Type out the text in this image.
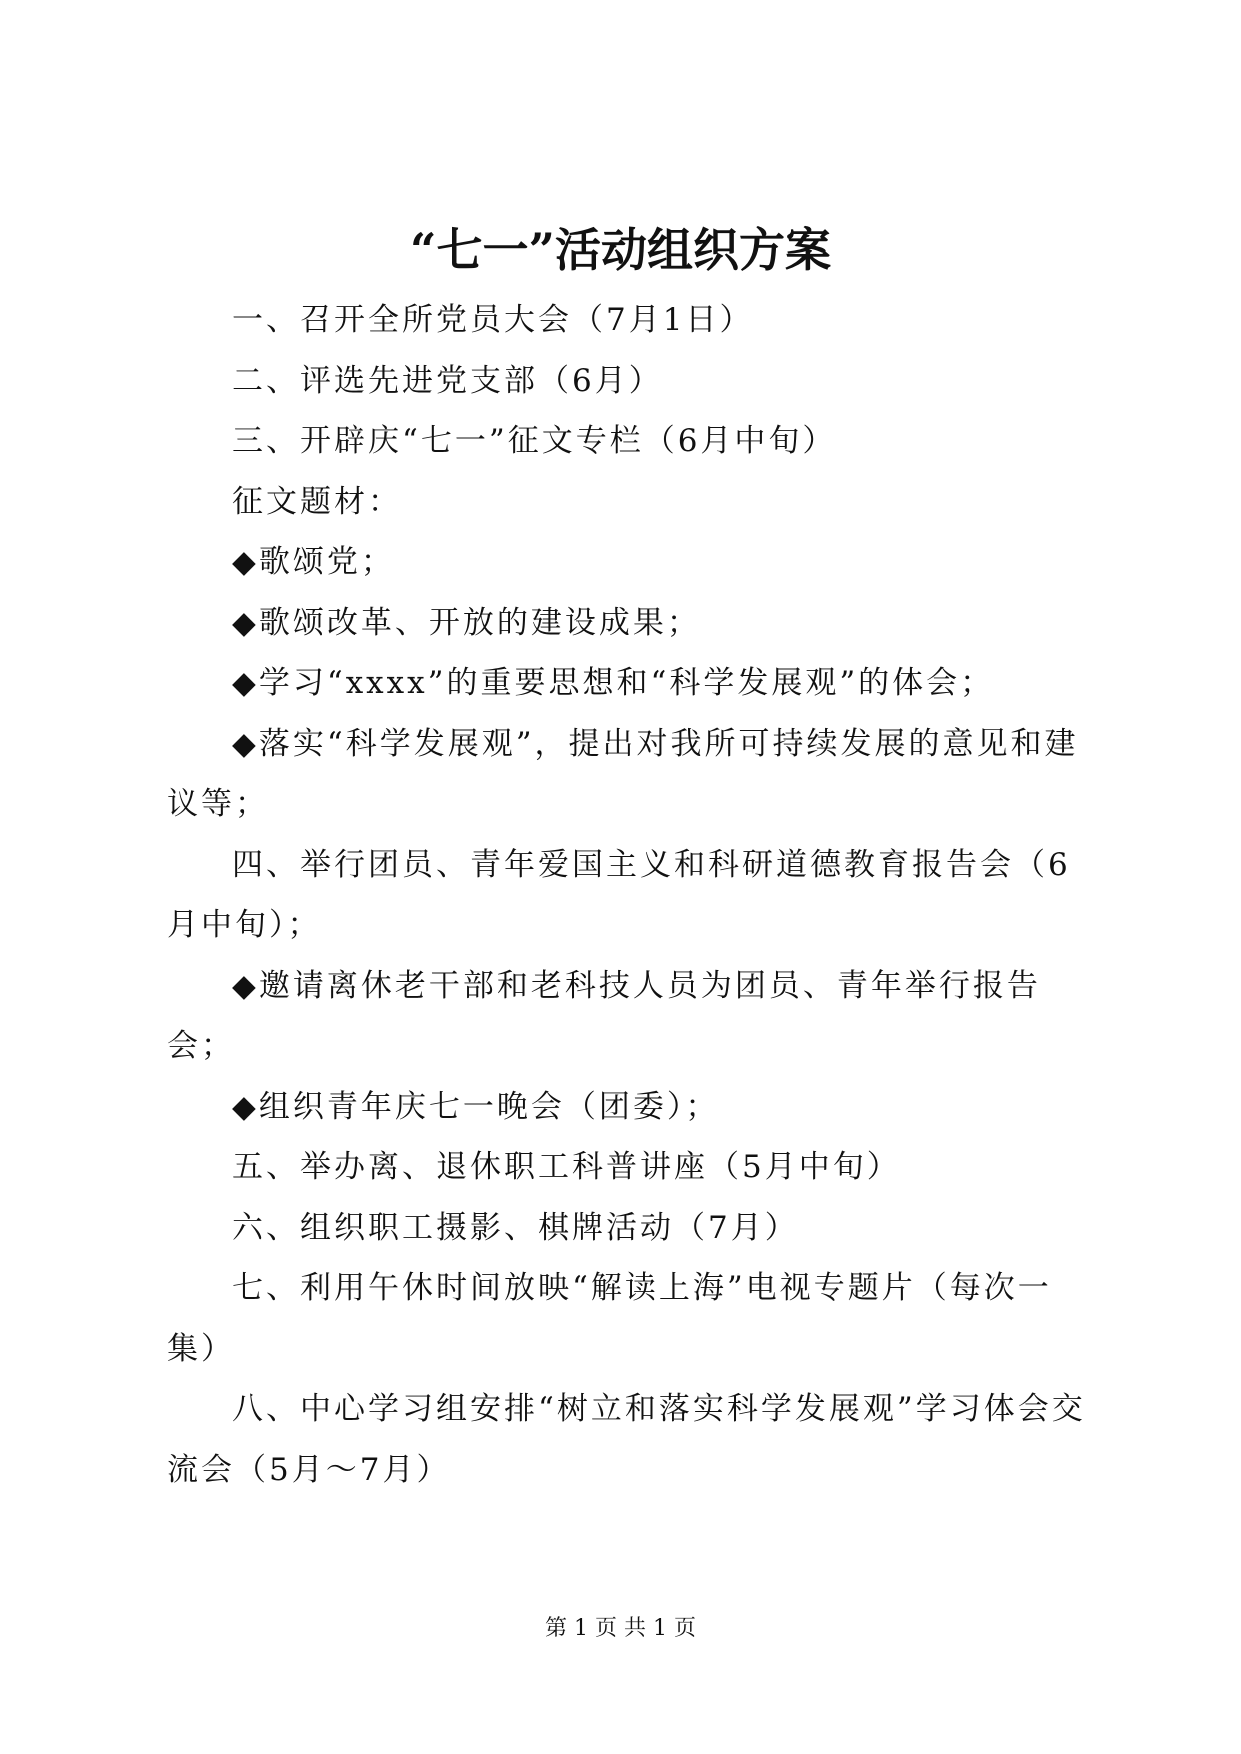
“七一”活动组织方案

一、召开全所党员大会（7月1日）

二、评选先进党支部（6月）

三、开辟庆“七一”征文专栏（6月中旬）

征文题材：

◆歌颂党；

◆歌颂改革、开放的建设成果；

◆学习“xxxx”的重要思想和“科学发展观”的体会；

◆落实“科学发展观”，提出对我所可持续发展的意见和建议等；

四、举行团员、青年爱国主义和科研道德教育报告会（6月中旬）；

◆邀请离休老干部和老科技人员为团员、青年举行报告会；

◆组织青年庆七一晚会（团委）；

五、举办离、退休职工科普讲座（5月中旬）

六、组织职工摄影、棋牌活动（7月）

七、利用午休时间放映“解读上海”电视专题片（每次一集）

八、中心学习组安排“树立和落实科学发展观”学习体会交流会（5月～7月）

第 1 页 共 1 页
